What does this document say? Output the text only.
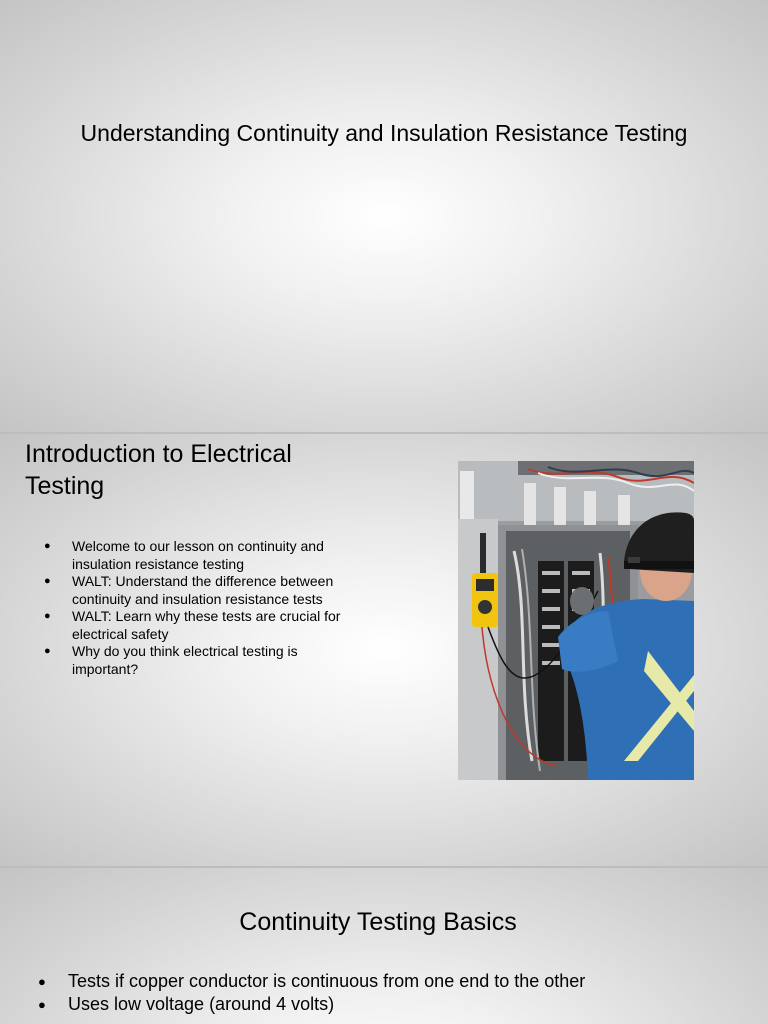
Understanding Continuity and Insulation Resistance Testing
Introduction to Electrical Testing
● Welcome to our lesson on continuity and insulation resistance testing
● WALT: Understand the difference between continuity and insulation resistance tests
● WALT: Learn why these tests are crucial for electrical safety
● Why do you think electrical testing is important?
Continuity Testing Basics
● Tests if copper conductor is continuous from one end to the other
● Uses low voltage (around 4 volts)
